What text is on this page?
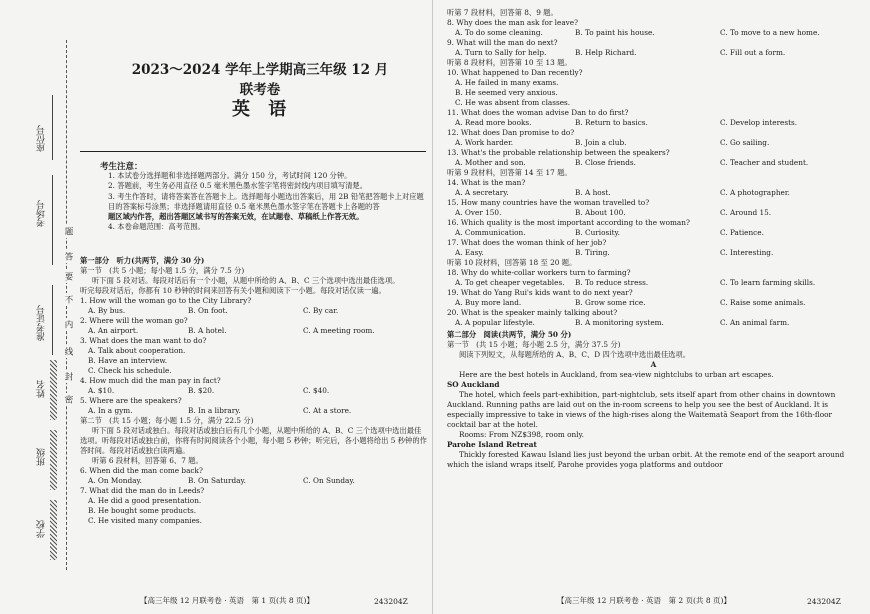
学校
班级
姓名
准考证号
考场号
座位号
题
答
要
不
内
线
封
密
2023～2024 学年上学期高三年级 12 月联考卷
英 语
考生注意：

1. 本试卷分选择题和非选择题两部分。满分 150 分，考试时间 120 分钟。

2. 答题前，考生务必用直径 0.5 毫米黑色墨水签字笔将密封线内项目填写清楚。

3. 考生作答时，请将答案答在答题卡上。选择题每小题选出答案后，用 2B 铅笔把答题卡上对应题目的答案标号涂黑；非选择题请用直径 0.5 毫米黑色墨水签字笔在答题卡上各题的答

题区域内作答，超出答题区域书写的答案无效，在试题卷、草稿纸上作答无效。

4. 本卷命题范围：高考范围。

第一部分　听力(共两节，满分 30 分)

第一节　(共 5 小题；每小题 1.5 分，满分 7.5 分)

听下面 5 段对话。每段对话后有一个小题，从题中所给的 A、B、C 三个选项中选出最佳选项。

听完每段对话后，你都有 10 秒钟的时间来回答有关小题和阅读下一小题。每段对话仅读一遍。

1. How will the woman go to the City Library?

A. By bus.	B. On foot.	C. By car.

2. Where will the woman go?

A. An airport.	B. A hotel.	C. A meeting room.

3. What does the man want to do?

A. Talk about cooperation.
B. Have an interview.
C. Check his schedule.

4. How much did the man pay in fact?

A. $10.	B. $20.	C. $40.

5. Where are the speakers?

A. In a gym.	B. In a library.	C. At a store.

第二节　(共 15 小题；每小题 1.5 分，满分 22.5 分)

听下面 5 段对话或独白。每段对话或独白后有几个小题，从题中所给的 A、B、C 三个选项中选出最佳选项。听每段对话或独白前，你将有时间阅读各个小题，每小题 5 秒钟；听完后，各小题将给出 5 秒钟的作答时间。每段对话或独白读两遍。

听第 6 段材料，回答第 6、7 题。

6. When did the man come back?

A. On Monday.	B. On Saturday.	C. On Sunday.

7. What did the man do in Leeds?

A. He did a good presentation.
B. He bought some products.
C. He visited many companies.
【高三年级 12 月联考卷 · 英语　第 1 页(共 8 页)】	243204Z

听第 7 段材料，回答第 8、9 题。

8. Why does the man ask for leave?

A. To do some cleaning.	B. To paint his house.	C. To move to a new home.

9. What will the man do next?

A. Turn to Sally for help.	B. Help Richard.	C. Fill out a form.

听第 8 段材料，回答第 10 至 13 题。

10. What happened to Dan recently?

A. He failed in many exams.
B. He seemed very anxious.
C. He was absent from classes.

11. What does the woman advise Dan to do first?

A. Read more books.	B. Return to basics.	C. Develop interests.

12. What does Dan promise to do?

A. Work harder.	B. Join a club.	C. Go sailing.

13. What's the probable relationship between the speakers?

A. Mother and son.	B. Close friends.	C. Teacher and student.

听第 9 段材料，回答第 14 至 17 题。

14. What is the man?

A. A secretary.	B. A host.	C. A photographer.

15. How many countries have the woman travelled to?

A. Over 150.	B. About 100.	C. Around 15.

16. Which quality is the most important according to the woman?

A. Communication.	B. Curiosity.	C. Patience.

17. What does the woman think of her job?

A. Easy.	B. Tiring.	C. Interesting.

听第 10 段材料，回答第 18 至 20 题。

18. Why do white-collar workers turn to farming?

A. To get cheaper vegetables.	B. To reduce stress.	C. To learn farming skills.

19. What do Yang Rui's kids want to do next year?

A. Buy more land.	B. Grow some rice.	C. Raise some animals.

20. What is the speaker mainly talking about?

A. A popular lifestyle.	B. A monitoring system.	C. An animal farm.

第二部分　阅读(共两节，满分 50 分)

第一节　(共 15 小题；每小题 2.5 分，满分 37.5 分)

阅读下列短文，从每题所给的 A、B、C、D 四个选项中选出最佳选项。

A

Here are the best hotels in Auckland, from sea-view nightclubs to urban art escapes.

SO Auckland

The hotel, which feels part-exhibition, part-nightclub, sets itself apart from other chains in downtown Auckland. Running paths are laid out on the in-room screens to help you see the best of Auckland. It is especially impressive to take in views of the high-rises along the Waitematā Seaport from the 16th-floor cocktail bar at the hotel.

Rooms: From NZ$398, room only.

Parohe Island Retreat

Thickly forested Kawau Island lies just beyond the urban orbit. At the remote end of the seaport around which the island wraps itself, Parohe provides yoga platforms and outdoor

【高三年级 12 月联考卷 · 英语　第 2 页(共 8 页)】	243204Z
